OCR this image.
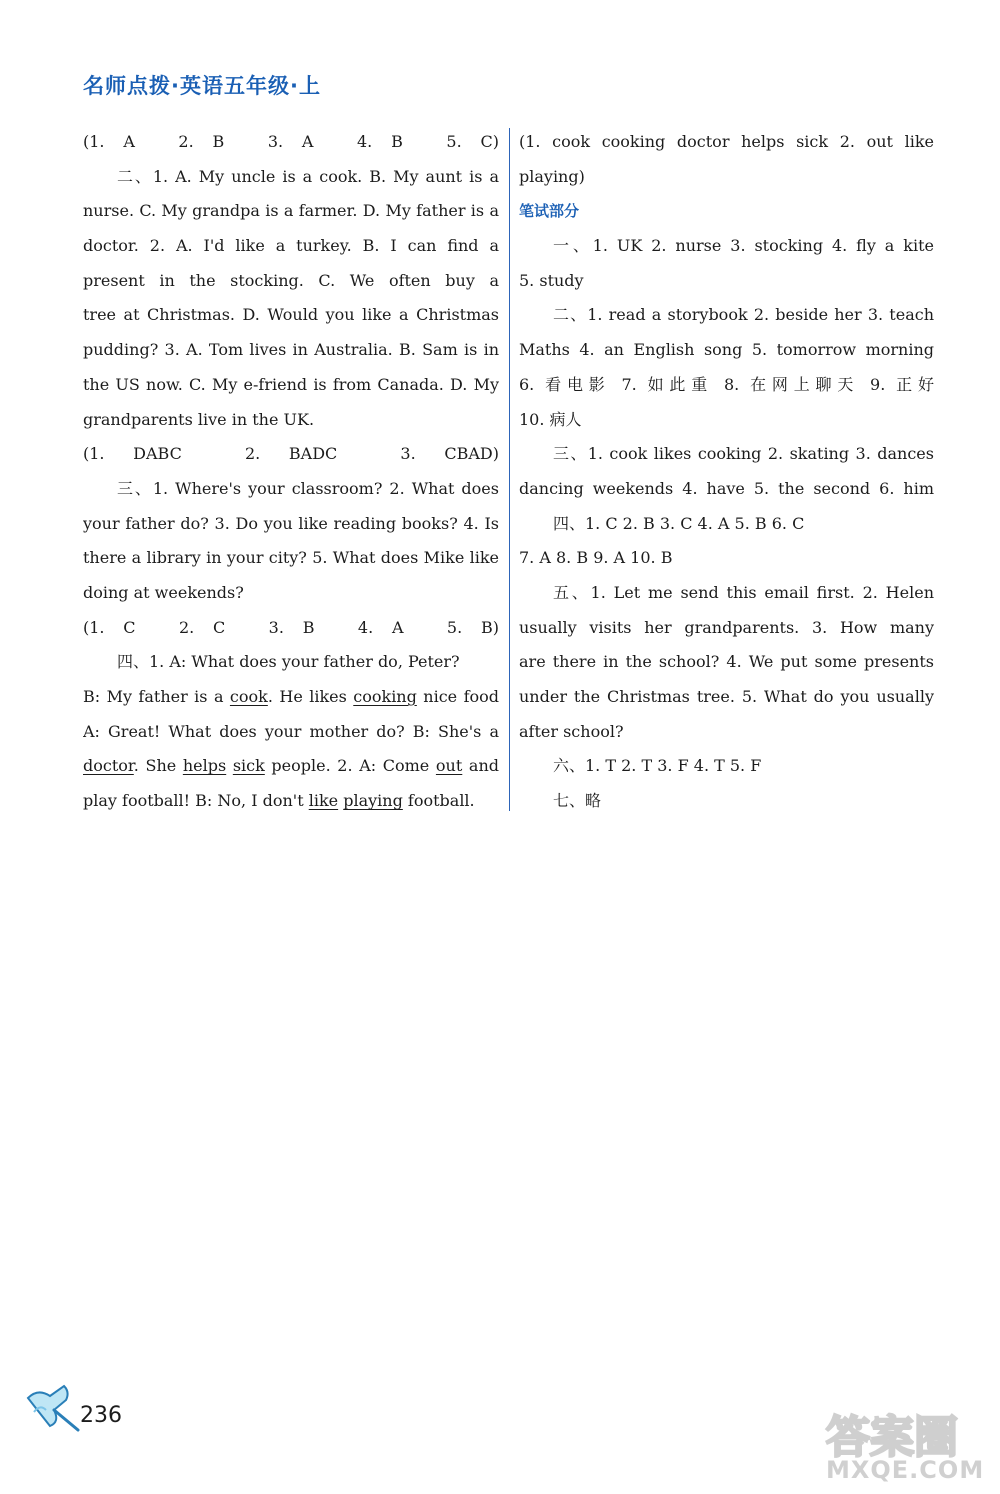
名师点拨·英语五年级·上
(1. A　2. B　3. A　4. B　5. C)
二、1. A. My uncle is a cook. B. My aunt is a
nurse. C. My grandpa is a farmer. D. My father is a
doctor. 2. A. I'd like a turkey. B. I can find a
present in the stocking. C. We often buy a
tree at Christmas. D. Would you like a Christmas
pudding? 3. A. Tom lives in Australia. B. Sam is in
the US now. C. My e-friend is from Canada. D. My
grandparents live in the UK.
(1. DABC　2. BADC　3. CBAD)
三、1. Where's your classroom? 2. What does
your father do? 3. Do you like reading books? 4. Is
there a library in your city? 5. What does Mike like
doing at weekends?
(1. C　2. C　3. B　4. A　5. B)
四、1. A: What does your father do, Peter?
B: My father is a cook. He likes cooking nice food
A: Great! What does your mother do? B: She's a
doctor. She helps sick people. 2. A: Come out and
play football! B: No, I don't like playing football.
(1. cook cooking doctor helps sick 2. out like
playing)
笔试部分
一、1. UK 2. nurse 3. stocking 4. fly a kite
5. study
二、1. read a storybook 2. beside her 3. teach
Maths 4. an English song 5. tomorrow morning
6. 看电影 7. 如此重 8. 在网上聊天 9. 正好
10. 病人
三、1. cook likes cooking 2. skating 3. dances
dancing weekends 4. have 5. the second 6. him
四、1. C 2. B 3. C 4. A 5. B 6. C
7. A 8. B 9. A 10. B
五、1. Let me send this email first. 2. Helen
usually visits her grandparents. 3. How many
are there in the school? 4. We put some presents
under the Christmas tree. 5. What do you usually
after school?
六、1. T 2. T 3. F 4. T 5. F
七、略
236	答案圈
MXQE.COM
